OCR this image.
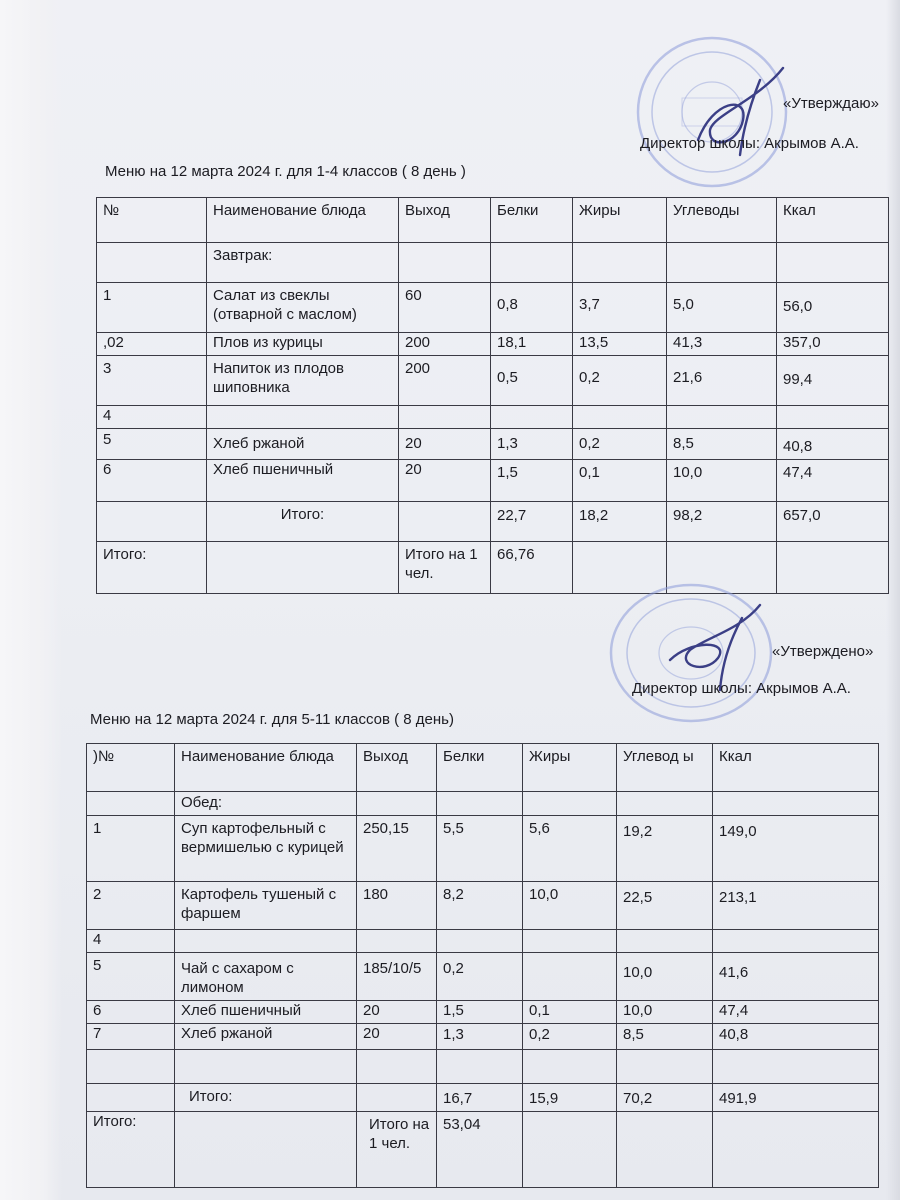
«Утверждаю»
Директор школы: Акрымов А.А.
Меню на 12 марта 2024 г. для 1-4 классов ( 8 день )
№	Наименование блюда	Выход	Белки	Жиры	Углеводы	Ккал
	Завтрак:					
1	Салат из свеклы (отварной с маслом)	60	0,8	3,7	5,0	56,0
,02	Плов из курицы	200	18,1	13,5	41,3	357,0
3	Напиток из плодов шиповника	200	0,5	0,2	21,6	99,4
4						
5	Хлеб ржаной	20	1,3	0,2	8,5	40,8
6	Хлеб пшеничный	20	1,5	0,1	10,0	47,4
	Итого:		22,7	18,2	98,2	657,0
Итого:		Итого на 1 чел.	66,76			
«Утверждено»
Директор школы: Акрымов А.А.
Меню на 12 марта 2024 г. для 5-11 классов ( 8 день)
)№	Наименование блюда	Выход	Белки	Жиры	Углевод ы	Ккал
	Обед:					
1	Суп картофельный с вермишелью с курицей	250,15	5,5	5,6	19,2	149,0
2	Картофель тушеный с фаршем	180	8,2	10,0	22,5	213,1
4						
5	Чай с сахаром с лимоном	185/10/5	0,2		10,0	41,6
6	Хлеб пшеничный	20	1,5	0,1	10,0	47,4
7	Хлеб ржаной	20	1,3	0,2	8,5	40,8

	Итого:		16,7	15,9	70,2	491,9
Итого:		Итого на 1 чел.	53,04			
